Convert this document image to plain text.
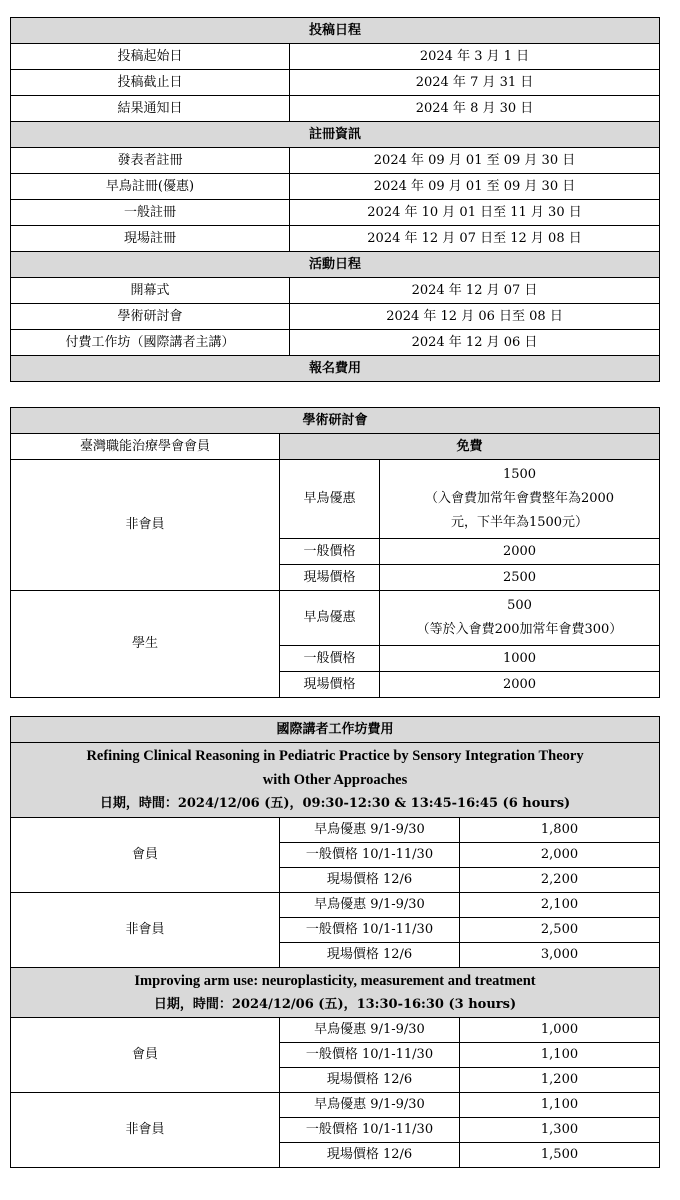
投稿日程	
投稿起始日	2024 年 3 月 1 日
投稿截止日	2024 年 7 月 31 日
結果通知日	2024 年 8 月 30 日
註冊資訊	
發表者註冊	2024 年 09 月 01 至 09 月 30 日
早鳥註冊(優惠)	2024 年 09 月 01 至 09 月 30 日
一般註冊	2024 年 10 月 01 日至 11 月 30 日
現場註冊	2024 年 12 月 07 日至 12 月 08 日
活動日程	
開幕式	2024 年 12 月 07 日
學術研討會	2024 年 12 月 06 日至 08 日
付費工作坊（國際講者主講）	2024 年 12 月 06 日
報名費用	
學術研討會		
臺灣職能治療學會會員	免費	
非會員	早鳥優惠	1500
（入會費加常年會費整年為2000
元，下半年為1500元）

	一般價格	2000
	現場價格	2500
學生	早鳥優惠	500
（等於入會費200加常年會費300）

	一般價格	1000
	現場價格	2000
國際講者工作坊費用		

Refining Clinical Reasoning in Pediatric Practice by Sensory Integration Theory
with Other Approaches
日期，時間：2024/12/06 (五)，09:30-12:30 & 13:45-16:45 (6 hours)		

會員	早鳥優惠 9/1-9/30	1,800
	一般價格 10/1-11/30	2,000
	現場價格 12/6	2,200
非會員	早鳥優惠 9/1-9/30	2,100
	一般價格 10/1-11/30	2,500
	現場價格 12/6	3,000

Improving arm use: neuroplasticity, measurement and treatment
日期，時間：2024/12/06 (五)，13:30-16:30 (3 hours)		

會員	早鳥優惠 9/1-9/30	1,000
	一般價格 10/1-11/30	1,100
	現場價格 12/6	1,200
非會員	早鳥優惠 9/1-9/30	1,100
	一般價格 10/1-11/30	1,300
	現場價格 12/6	1,500
